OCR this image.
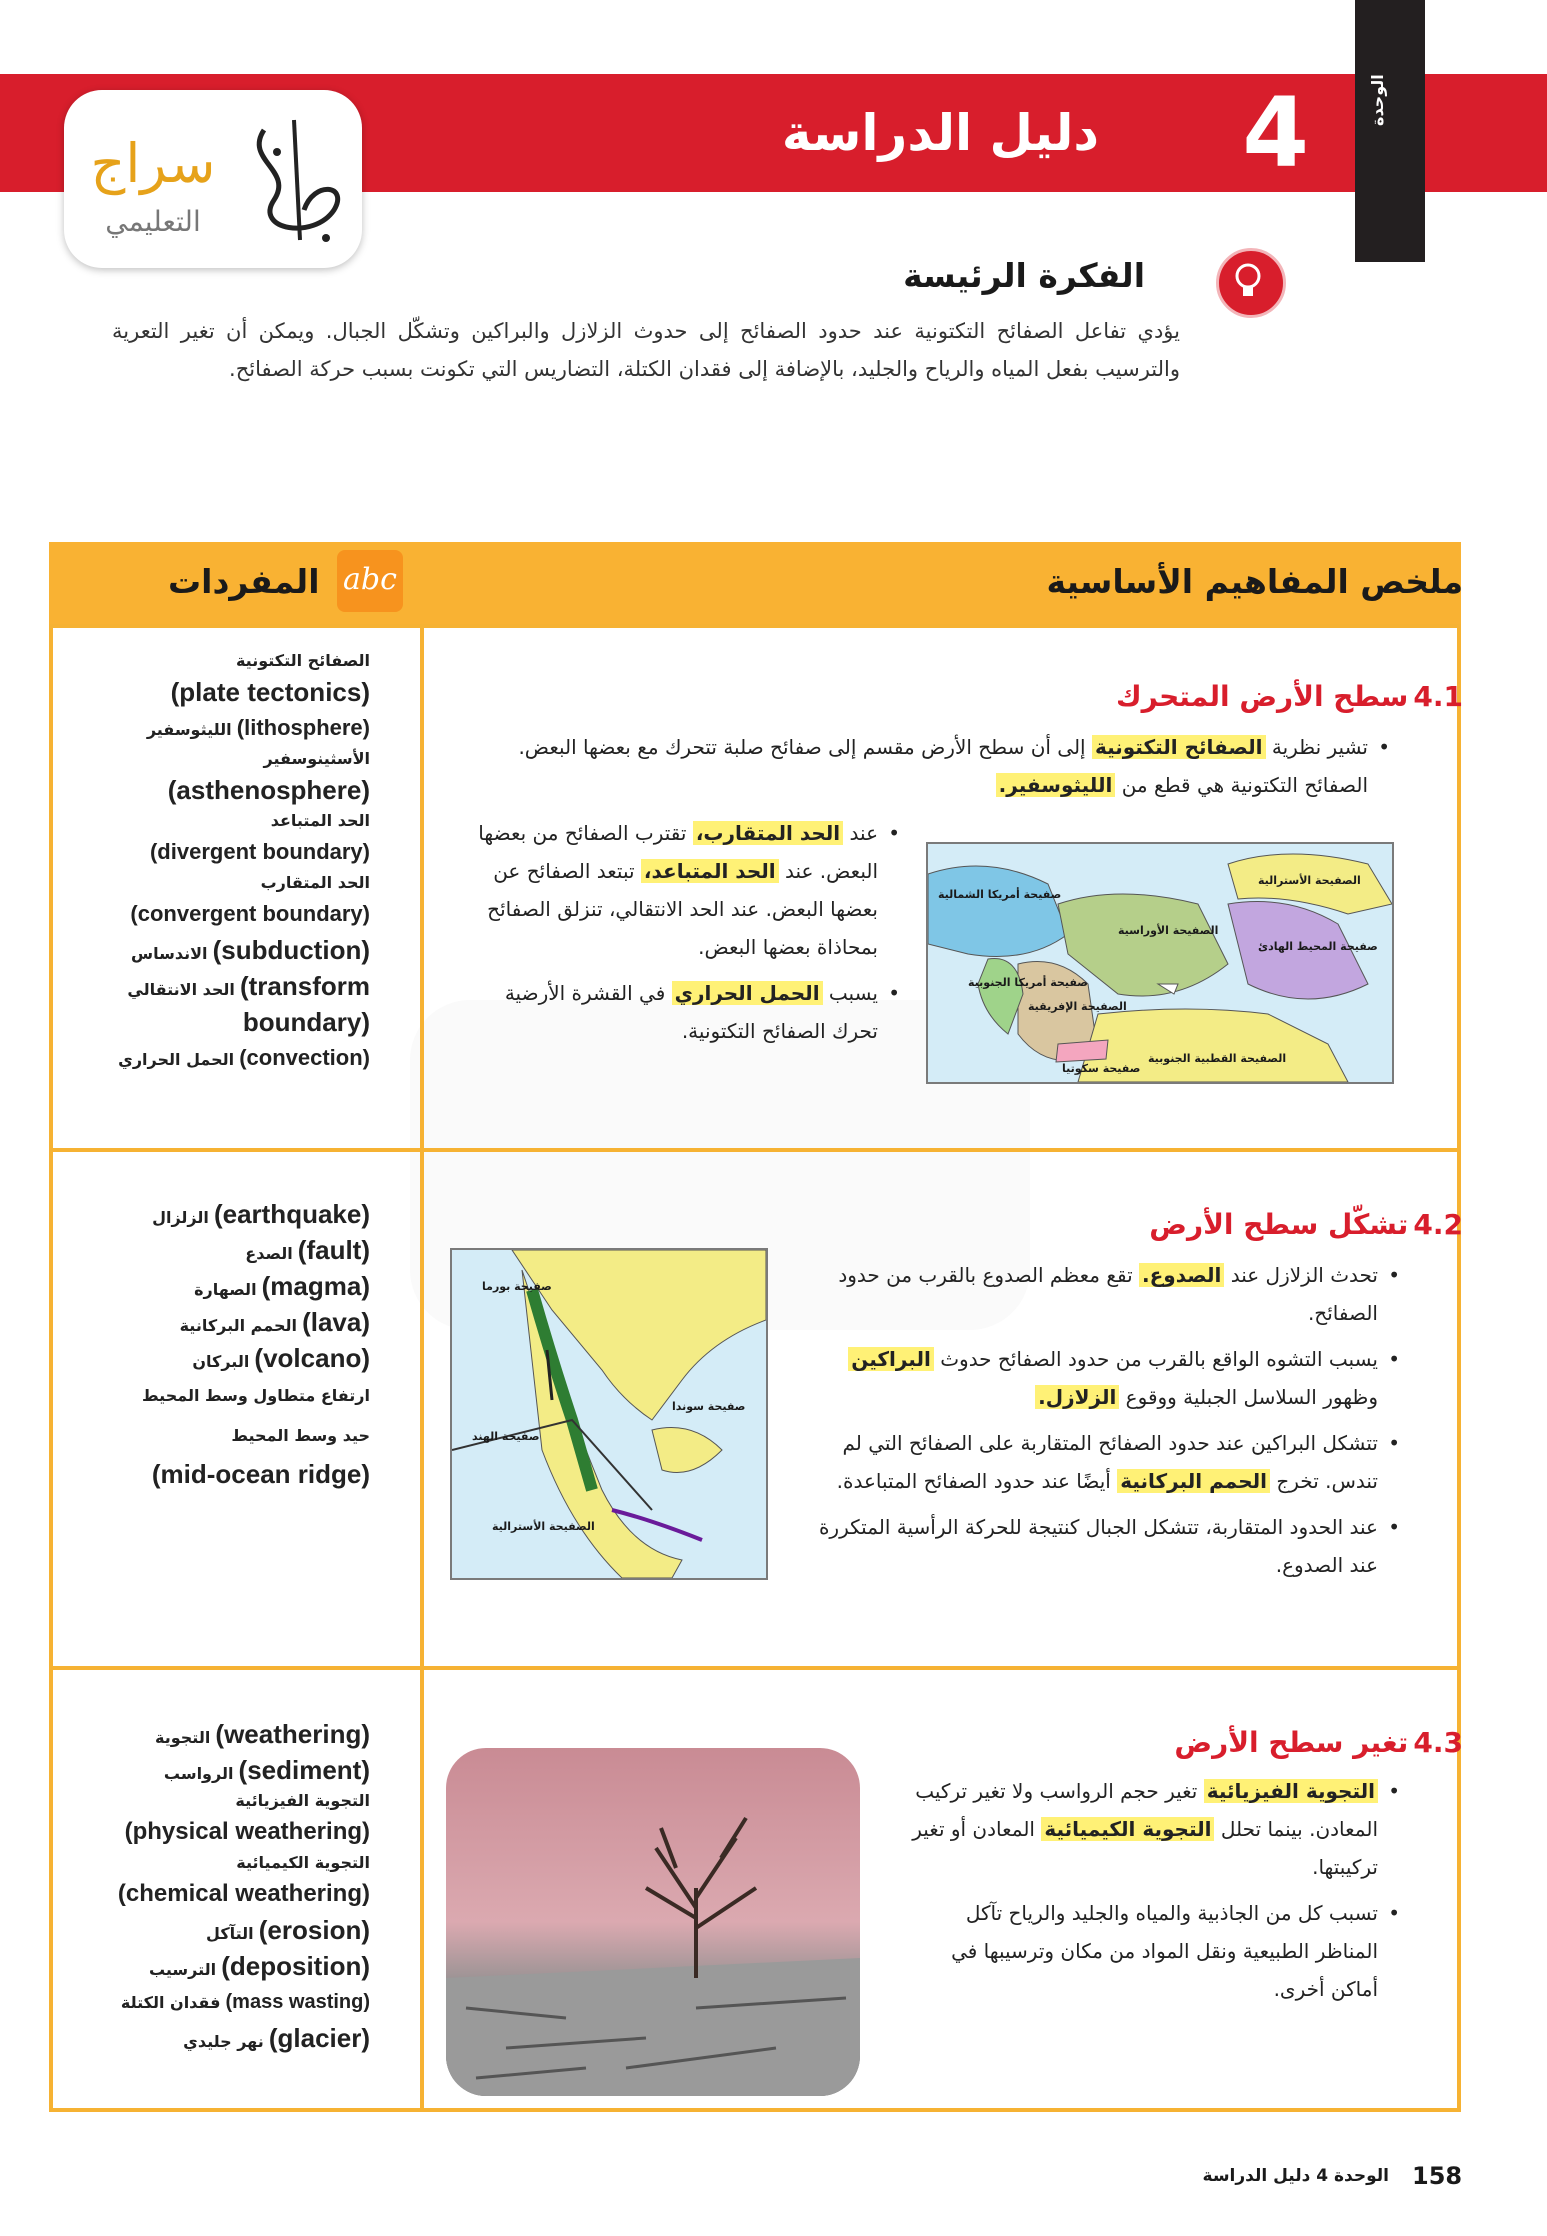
4
دليل الدراسة
الوحدة
سراج
التعليمي
الفكرة الرئيسة
يؤدي تفاعل الصفائح التكتونية عند حدود الصفائح إلى حدوث الزلازل والبراكين وتشكّل الجبال. ويمكن أن تغير التعرية والترسيب بفعل المياه والرياح والجليد، بالإضافة إلى فقدان الكتلة، التضاريس التي تكونت بسبب حركة الصفائح.
ملخص المفاهيم الأساسية
المفردات abc
4.1 سطح الأرض المتحرك
• تشير نظرية الصفائح التكتونية إلى أن سطح الأرض مقسم إلى صفائح صلبة تتحرك مع بعضها البعض. الصفائح التكتونية هي قطع من الليثوسفير.
• عند الحد المتقارب، تقترب الصفائح من بعضها البعض. عند الحد المتباعد، تبتعد الصفائح عن بعضها البعض. عند الحد الانتقالي، تنزلق الصفائح بمحاذاة بعضها البعض.
• يسبب الحمل الحراري في القشرة الأرضية تحرك الصفائح التكتونية.
صفيحة أمريكا الشمالية
الصفيحة الأوراسية
الصفيحة الإفريقية
صفيحة أمريكا الجنوبية
صفيحة المحيط الهادئ
الصفيحة القطبية الجنوبية
الصفيحة الأسترالية
صفيحة سكوتيا
الصفائح التكتونية
(plate tectonics)
الليثوسفير (lithosphere)
الأسثينوسفير
(asthenosphere)
الحد المتباعد
(divergent boundary)
الحد المتقارب
(convergent boundary)
الاندساس (subduction)
الحد الانتقالي (transform boundary)
الحمل الحراري (convection)
4.2 تشكّل سطح الأرض
• تحدث الزلازل عند الصدوع. تقع معظم الصدوع بالقرب من حدود الصفائح.
• يسبب التشوه الواقع بالقرب من حدود الصفائح حدوث البراكين وظهور السلاسل الجبلية ووقوع الزلازل.
• تتشكل البراكين عند حدود الصفائح المتقاربة على الصفائح التي لم تندس. تخرج الحمم البركانية أيضًا عند حدود الصفائح المتباعدة.
• عند الحدود المتقاربة، تتشكل الجبال كنتيجة للحركة الرأسية المتكررة عند الصدوع.
صفيحة بورما
صفيحة الهند
صفيحة سوندا
الصفيحة الأسترالية
الزلزال (earthquake)
الصدع (fault)
الصهارة (magma)
الحمم البركانية (lava)
البركان (volcano)
ارتفاع متطاول وسط المحيط
حيد وسط المحيط
(mid-ocean ridge)
4.3 تغير سطح الأرض
• التجوية الفيزيائية تغير حجم الرواسب ولا تغير تركيب المعادن. بينما تحلل التجوية الكيميائية المعادن أو تغير تركيبتها.
• تسبب كل من الجاذبية والمياه والجليد والرياح تآكل المناظر الطبيعية ونقل المواد من مكان وترسيبها في أماكن أخرى.
التجوية (weathering)
الرواسب (sediment)
التجوية الفيزيائية
(physical weathering)
التجوية الكيميائية
(chemical weathering)
التآكل (erosion)
الترسيب (deposition)
فقدان الكتلة (mass wasting)
نهر جليدي (glacier)
158
الوحدة 4 دليل الدراسة
